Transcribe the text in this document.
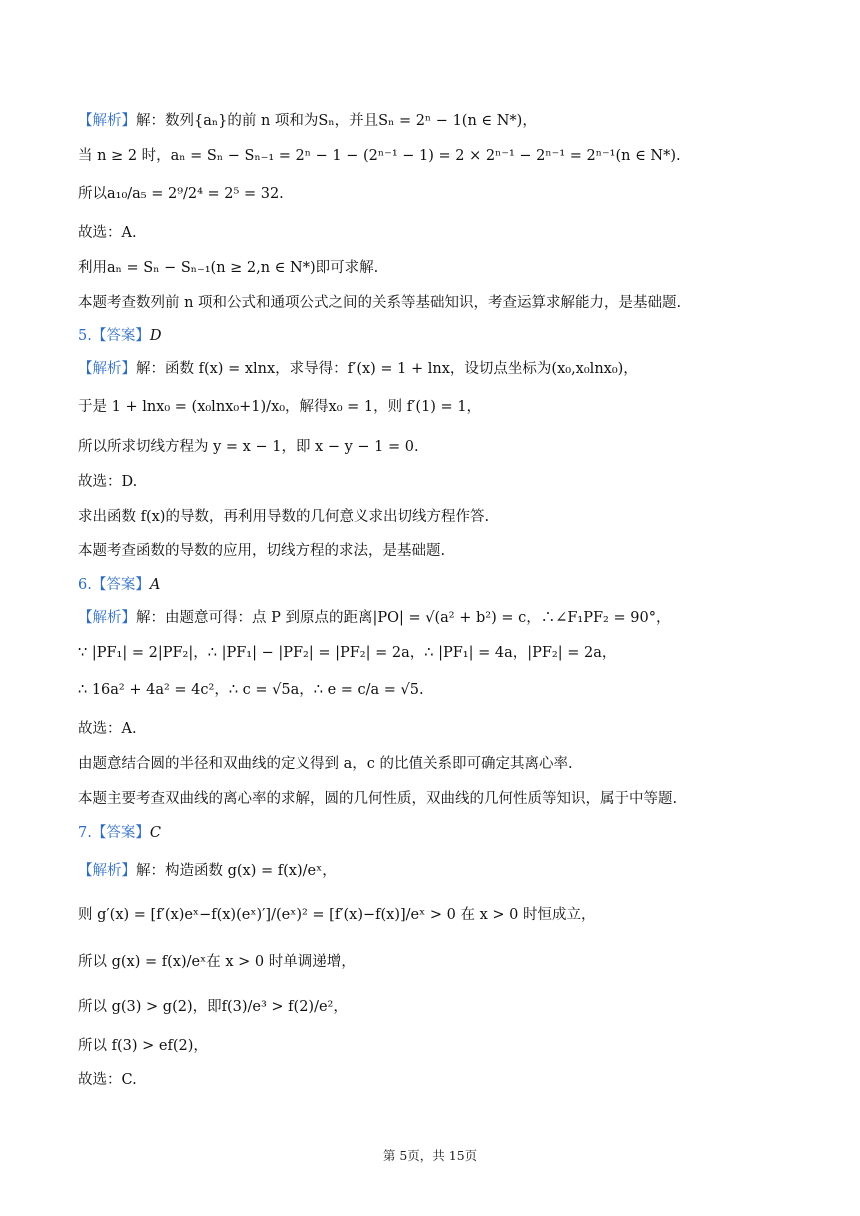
【解析】解：数列{aₙ}的前 n 项和为Sₙ，并且Sₙ = 2ⁿ − 1(n ∈ N*)，
当 n ≥ 2 时，aₙ = Sₙ − Sₙ₋₁ = 2ⁿ − 1 − (2ⁿ⁻¹ − 1) = 2 × 2ⁿ⁻¹ − 2ⁿ⁻¹ = 2ⁿ⁻¹(n ∈ N*).
所以a₁₀/a₅ = 2⁹/2⁴ = 2⁵ = 32.
故选：A.
利用aₙ = Sₙ − Sₙ₋₁(n ≥ 2,n ∈ N*)即可求解.
本题考查数列前 n 项和公式和通项公式之间的关系等基础知识，考查运算求解能力，是基础题.
5.【答案】D
【解析】解：函数 f(x) = xlnx，求导得：f′(x) = 1 + lnx，设切点坐标为(x₀,x₀lnx₀)，
于是 1 + lnx₀ = (x₀lnx₀+1)/x₀，解得x₀ = 1，则 f′(1) = 1，
所以所求切线方程为 y = x − 1，即 x − y − 1 = 0.
故选：D.
求出函数 f(x)的导数，再利用导数的几何意义求出切线方程作答.
本题考查函数的导数的应用，切线方程的求法，是基础题.
6.【答案】A
【解析】解：由题意可得：点 P 到原点的距离|PO| = √(a² + b²) = c，∴∠F₁PF₂ = 90°，
∵ |PF₁| = 2|PF₂|，∴ |PF₁| − |PF₂| = |PF₂| = 2a，∴ |PF₁| = 4a，|PF₂| = 2a，
∴ 16a² + 4a² = 4c²，∴ c = √5a，∴ e = c/a = √5.
故选：A.
由题意结合圆的半径和双曲线的定义得到 a，c 的比值关系即可确定其离心率.
本题主要考查双曲线的离心率的求解，圆的几何性质，双曲线的几何性质等知识，属于中等题.
7.【答案】C
【解析】解：构造函数 g(x) = f(x)/eˣ，
则 g′(x) = [f′(x)eˣ−f(x)(eˣ)′]/(eˣ)² = [f′(x)−f(x)]/eˣ > 0 在 x > 0 时恒成立，
所以 g(x) = f(x)/eˣ在 x > 0 时单调递增，
所以 g(3) > g(2)，即f(3)/e³ > f(2)/e²，
所以 f(3) > ef(2)，
故选：C.
第 5页，共 15页
